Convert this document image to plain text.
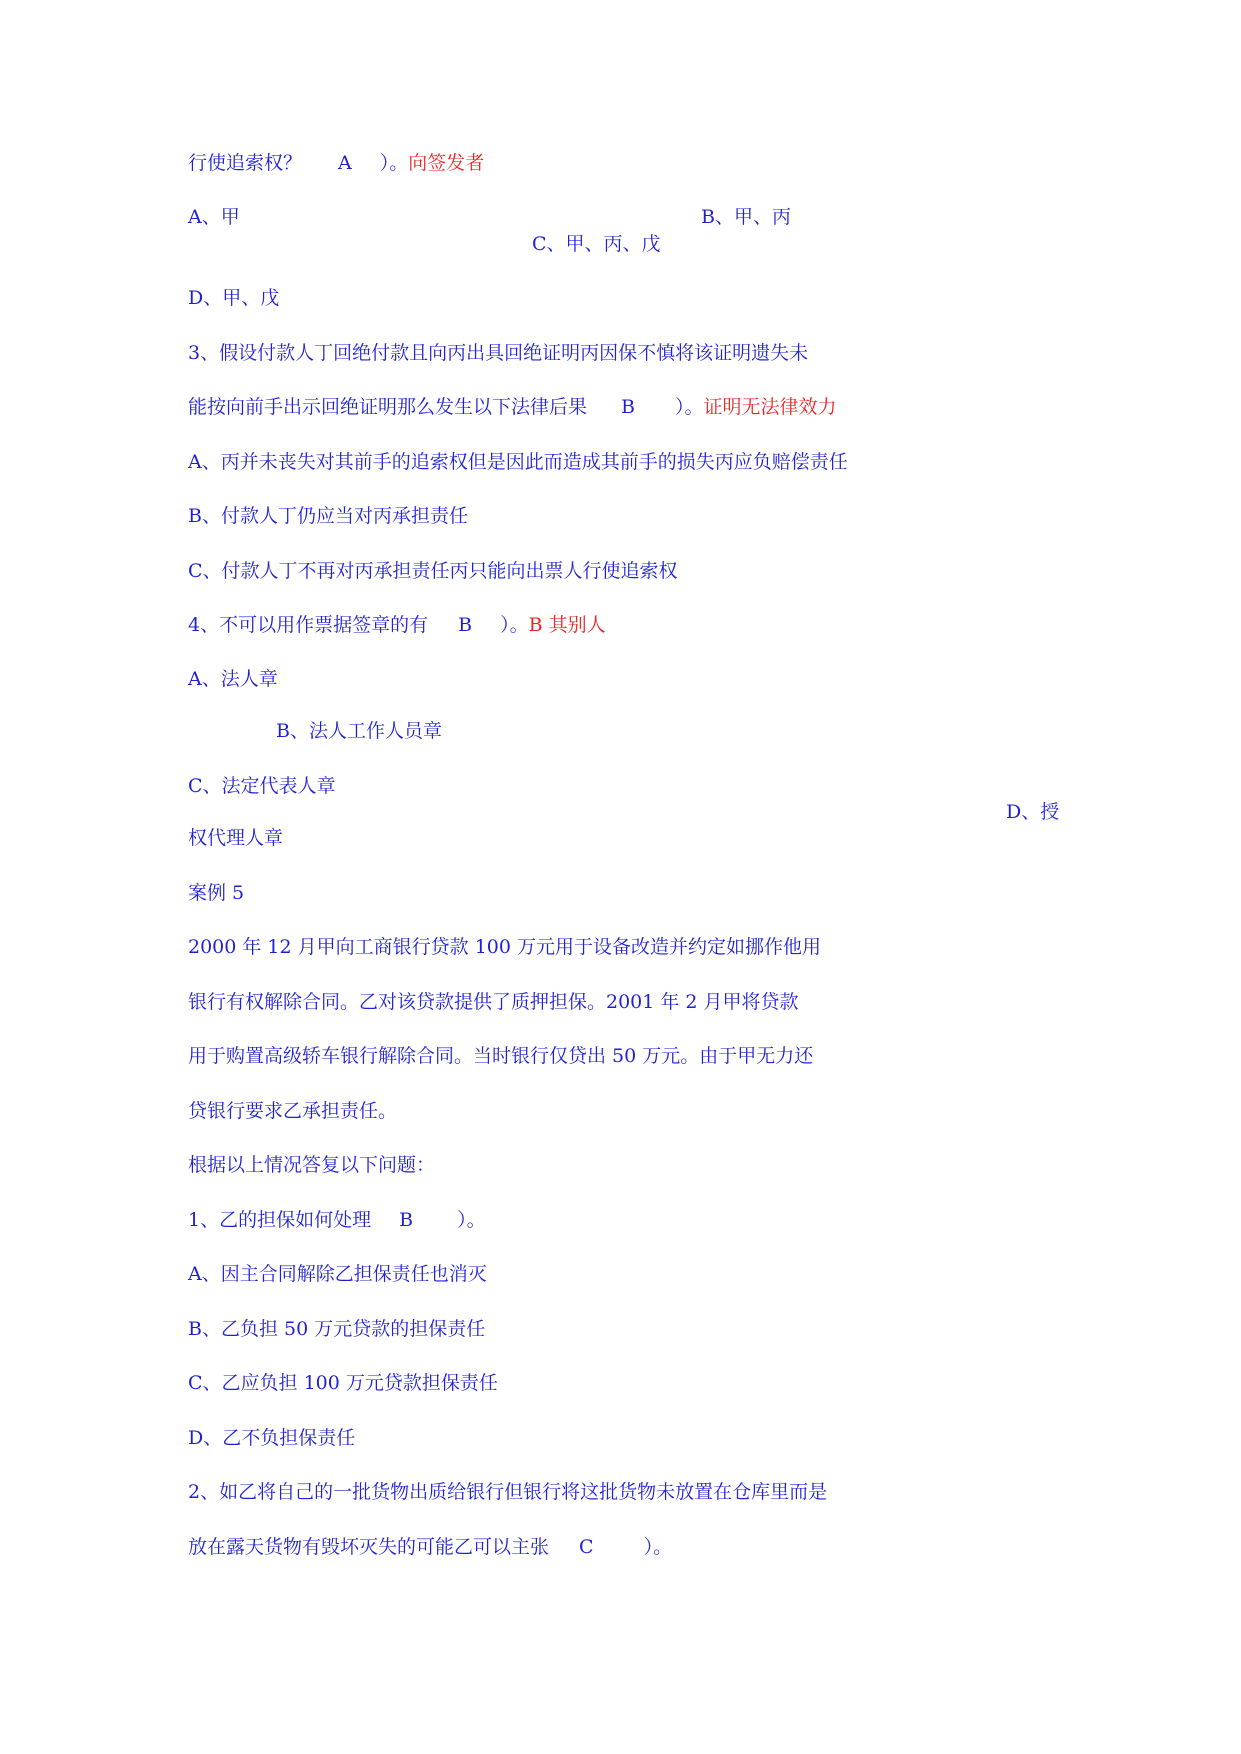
行使追索权？ A ）。向签发者
A、甲	B、甲、丙
C、甲、丙、戊
D、甲、戊
3、假设付款人丁回绝付款且向丙出具回绝证明丙因保不慎将该证明遗失未
能按向前手出示回绝证明那么发生以下法律后果 B ）。证明无法律效力
A、丙并未丧失对其前手的追索权但是因此而造成其前手的损失丙应负赔偿责任
B、付款人丁仍应当对丙承担责任
C、付款人丁不再对丙承担责任丙只能向出票人行使追索权
4、不可以用作票据签章的有 B ）。B 其别人
A、法人章
B、法人工作人员章
C、法定代表人章
D、授
权代理人章
案例 5
2000 年 12 月甲向工商银行贷款 100 万元用于设备改造并约定如挪作他用
银行有权解除合同。乙对该贷款提供了质押担保。2001 年 2 月甲将贷款
用于购置高级轿车银行解除合同。当时银行仅贷出 50 万元。由于甲无力还
贷银行要求乙承担责任。
根据以上情况答复以下问题：
1、乙的担保如何处理 B ）。
A、因主合同解除乙担保责任也消灭
B、乙负担 50 万元贷款的担保责任
C、乙应负担 100 万元贷款担保责任
D、乙不负担保责任
2、如乙将自己的一批货物出质给银行但银行将这批货物未放置在仓库里而是
放在露天货物有毁坏灭失的可能乙可以主张 C	）。
